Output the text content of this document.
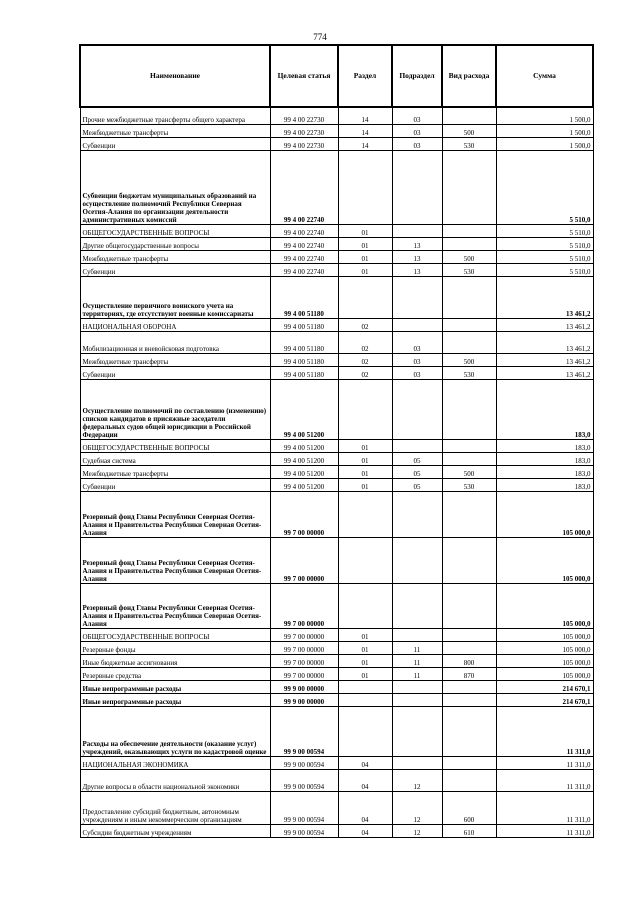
774
Наименование	Целевая статья	Раздел	Подраздел	Вид расхода	Сумма
Прочие межбюджетные трансферты общего характера	99 4 00 22730	14	03		1 500,0
Межбюджетные трансферты	99 4 00 22730	14	03	500	1 500,0
Субвенции	99 4 00 22730	14	03	530	1 500,0
Субвенции бюджетам муниципальных образований на осуществление полномочий Республики Северная Осетия-Алания по организации деятельности административных комиссий	99 4 00 22740				5 510,0
ОБЩЕГОСУДАРСТВЕННЫЕ ВОПРОСЫ	99 4 00 22740	01			5 510,0
Другие общегосударственные вопросы	99 4 00 22740	01	13		5 510,0
Межбюджетные трансферты	99 4 00 22740	01	13	500	5 510,0
Субвенции	99 4 00 22740	01	13	530	5 510,0
Осуществление первичного воинского учета на территориях, где отсутствуют военные комиссариаты	99 4 00 51180				13 461,2
НАЦИОНАЛЬНАЯ ОБОРОНА	99 4 00 51180	02			13 461,2
Мобилизационная и вневойсковая подготовка	99 4 00 51180	02	03		13 461,2
Межбюджетные трансферты	99 4 00 51180	02	03	500	13 461,2
Субвенции	99 4 00 51180	02	03	530	13 461,2
Осуществление полномочий по составлению (изменению) списков кандидатов в присяжные заседатели федеральных судов общей юрисдикции в Российской Федерации	99 4 00 51200				183,0
ОБЩЕГОСУДАРСТВЕННЫЕ ВОПРОСЫ	99 4 00 51200	01			183,0
Судебная система	99 4 00 51200	01	05		183,0
Межбюджетные трансферты	99 4 00 51200	01	05	500	183,0
Субвенции	99 4 00 51200	01	05	530	183,0
Резервный фонд Главы Республики Северная Осетия-Алания и Правительства Республики Северная Осетия-Алания	99 7 00 00000				105 000,0
Резервный фонд Главы Республики Северная Осетия-Алания и Правительства Республики Северная Осетия-Алания	99 7 00 00000				105 000,0
Резервный фонд Главы Республики Северная Осетия-Алания и Правительства Республики Северная Осетия-Алания	99 7 00 00000				105 000,0
ОБЩЕГОСУДАРСТВЕННЫЕ ВОПРОСЫ	99 7 00 00000	01			105 000,0
Резервные фонды	99 7 00 00000	01	11		105 000,0
Иные бюджетные ассигнования	99 7 00 00000	01	11	800	105 000,0
Резервные средства	99 7 00 00000	01	11	870	105 000,0
Иные непрограммные расходы	99 9 00 00000				214 670,1
Иные непрограммные расходы	99 9 00 00000				214 670,1
Расходы на обеспечение деятельности (оказание услуг) учреждений, оказывающих услуги по кадастровой оценке	99 9 00 00594				11 311,0
НАЦИОНАЛЬНАЯ ЭКОНОМИКА	99 9 00 00594	04			11 311,0
Другие вопросы в области национальной экономики	99 9 00 00594	04	12		11 311,0
Предоставление субсидий бюджетным, автономным учреждениям и иным некоммерческим организациям	99 9 00 00594	04	12	600	11 311,0
Субсидии бюджетным учреждениям	99 9 00 00594	04	12	610	11 311,0
